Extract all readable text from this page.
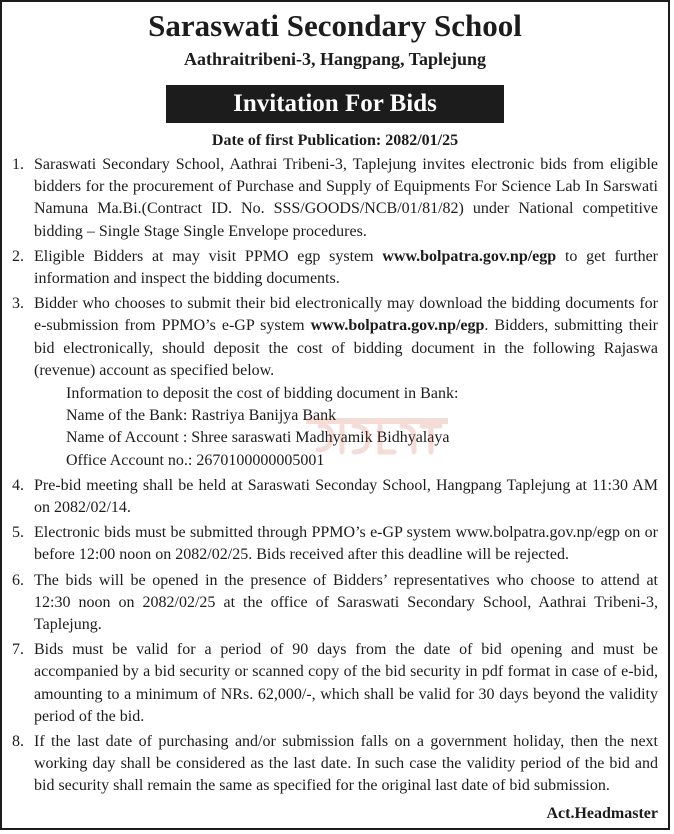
Saraswati Secondary School
Aathraitribeni-3, Hangpang, Taplejung
Invitation For Bids
Date of first Publication: 2082/01/25
1. Saraswati Secondary School, Aathrai Tribeni-3, Taplejung invites electronic bids from eligible bidders for the procurement of Purchase and Supply of Equipments For Science Lab In Sarswati Namuna Ma.Bi.(Contract ID. No. SSS/GOODS/NCB/01/81/82) under National competitive bidding – Single Stage Single Envelope procedures.
2. Eligible Bidders at may visit PPMO egp system www.bolpatra.gov.np/egp to get further information and inspect the bidding documents.
3. Bidder who chooses to submit their bid electronically may download the bidding documents for e-submission from PPMO’s e-GP system www.bolpatra.gov.np/egp. Bidders, submitting their bid electronically, should deposit the cost of bidding document in the following Rajaswa (revenue) account as specified below.
Information to deposit the cost of bidding document in Bank:
Name of the Bank: Rastriya Banijya Bank
Name of Account : Shree saraswati Madhyamik Bidhyalaya
Office Account no.: 2670100000005001
4. Pre-bid meeting shall be held at Saraswati Seconday School, Hangpang Taplejung at 11:30 AM on 2082/02/14.
5. Electronic bids must be submitted through PPMO’s e-GP system www.bolpatra.gov.np/egp on or before 12:00 noon on 2082/02/25. Bids received after this deadline will be rejected.
6. The bids will be opened in the presence of Bidders’ representatives who choose to attend at 12:30 noon on 2082/02/25 at the office of Saraswati Secondary School, Aathrai Tribeni-3, Taplejung.
7. Bids must be valid for a period of 90 days from the date of bid opening and must be accompanied by a bid security or scanned copy of the bid security in pdf format in case of e-bid, amounting to a minimum of NRs. 62,000/-, which shall be valid for 30 days beyond the validity period of the bid.
8. If the last date of purchasing and/or submission falls on a government holiday, then the next working day shall be considered as the last date. In such case the validity period of the bid and bid security shall remain the same as specified for the original last date of bid submission.
Act.Headmaster
